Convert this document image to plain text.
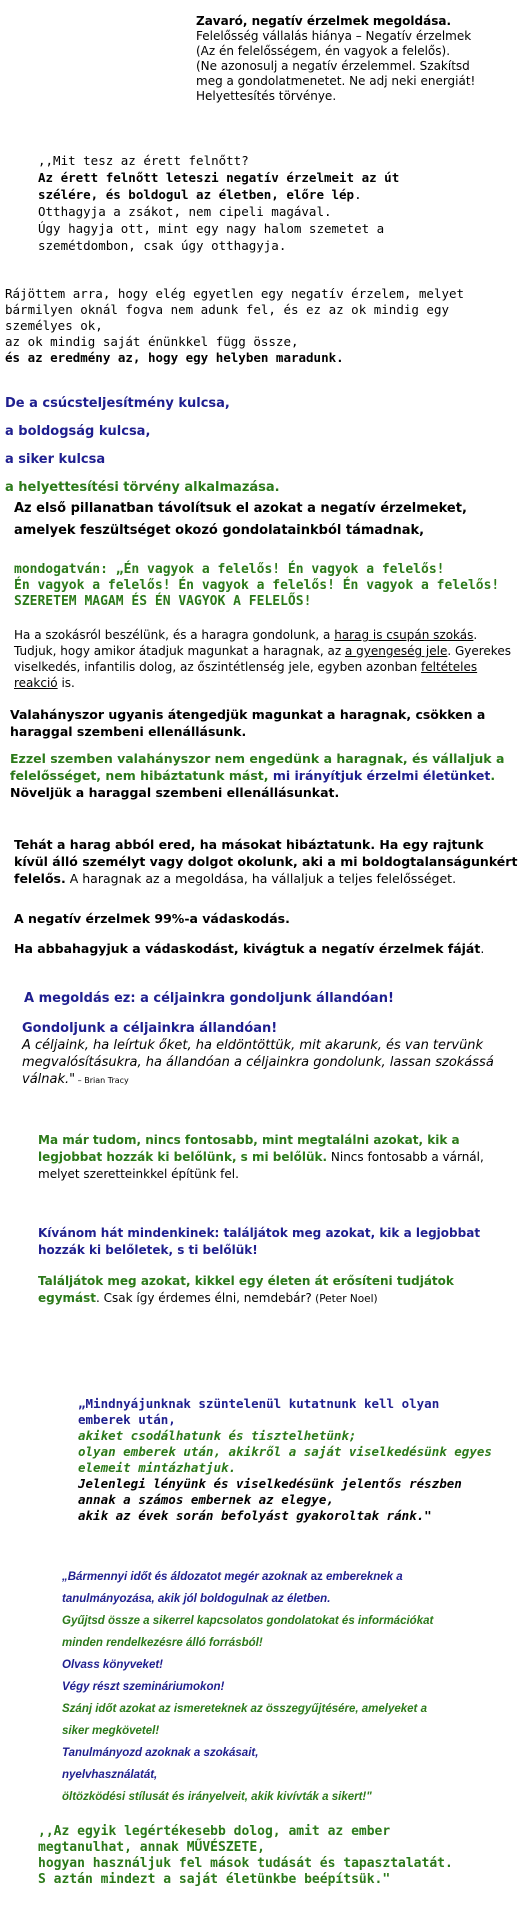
Zavaró, negatív érzelmek megoldása.

Felelősség vállalás hiánya – Negatív érzelmek

(Az én felelősségem, én vagyok a felelős).

(Ne azonosulj a negatív érzelemmel. Szakítsd

meg a gondolatmenetet. Ne adj neki energiát!

Helyettesítés törvénye.

,,Mit tesz az érett felnőtt?

Az érett felnőtt leteszi negatív érzelmeit az út

szélére, és boldogul az életben, előre lép.

Otthagyja a zsákot, nem cipeli magával.

Úgy hagyja ott, mint egy nagy halom szemetet a

szemétdombon, csak úgy otthagyja.

Rájöttem arra, hogy elég egyetlen egy negatív érzelem, melyet bármilyen oknál fogva nem adunk fel, és ez az ok mindig egy személyes ok,

az ok mindig saját énünkkel függ össze,

és az eredmény az, hogy egy helyben maradunk.

De a csúcsteljesítmény kulcsa,

a boldogság kulcsa,

a siker kulcsa

a helyettesítési törvény alkalmazása.

Az első pillanatban távolítsuk el azokat a negatív érzelmeket,

amelyek feszültséget okozó gondolatainkból támadnak,

mondogatván: „Én vagyok a felelős! Én vagyok a felelős!

Én vagyok a felelős! Én vagyok a felelős! Én vagyok a felelős!

SZERETEM MAGAM ÉS ÉN VAGYOK A FELELŐS!

Ha a szokásról beszélünk, és a haragra gondolunk, a harag is csupán szokás. Tudjuk, hogy amikor átadjuk magunkat a haragnak, az a gyengeség jele. Gyerekes viselkedés, infantilis dolog, az őszintétlenség jele, egyben azonban feltételes reakció is.

Valahányszor ugyanis átengedjük magunkat a haragnak, csökken a haraggal szembeni ellenállásunk.

Ezzel szemben valahányszor nem engedünk a haragnak, és vállaljuk a felelősséget, nem hibáztatunk mást, mi irányítjuk érzelmi életünket.

Növeljük a haraggal szembeni ellenállásunkat.

Tehát a harag abból ered, ha másokat hibáztatunk. Ha egy rajtunk kívül álló személyt vagy dolgot okolunk, aki a mi boldogtalanságunkért felelős. A haragnak az a megoldása, ha vállaljuk a teljes felelősséget.

A negatív érzelmek 99%-a vádaskodás.

Ha abbahagyjuk a vádaskodást, kivágtuk a negatív érzelmek fáját.

A megoldás ez: a céljainkra gondoljunk állandóan!

Gondoljunk a céljainkra állandóan!

A céljaink, ha leírtuk őket, ha eldöntöttük, mit akarunk, és van tervünk megvalósításukra, ha állandóan a céljainkra gondolunk, lassan szokássá válnak." – Brian Tracy

Ma már tudom, nincs fontosabb, mint megtalálni azokat, kik a legjobbat hozzák ki belőlünk, s mi belőlük. Nincs fontosabb a várnál, melyet szeretteinkkel építünk fel.

Kívánom hát mindenkinek: találjátok meg azokat, kik a legjobbat hozzák ki belőletek, s ti belőlük!

Találjátok meg azokat, kikkel egy életen át erősíteni tudjátok egymást. Csak így érdemes élni, nemdebár? (Peter Noel)

„Mindnyájunknak szüntelenül kutatnunk kell olyan

emberek után,

akiket csodálhatunk és tisztelhetünk;

olyan emberek után, akikről a saját viselkedésünk egyes

elemeit mintázhatjuk.

Jelenlegi lényünk és viselkedésünk jelentős részben

annak a számos embernek az elegye,

akik az évek során befolyást gyakoroltak ránk."

„Bármennyi időt és áldozatot megér azoknak az embereknek a

tanulmányozása, akik jól boldogulnak az életben.

Gyűjtsd össze a sikerrel kapcsolatos gondolatokat és információkat

minden rendelkezésre álló forrásból!

Olvass könyveket!

Végy részt szemináriumokon!

Szánj időt azokat az ismereteknek az összegyűjtésére, amelyeket a

siker megkövetel!

Tanulmányozd azoknak a szokásait,

nyelvhasználatát,

öltözködési stílusát és irányelveit, akik kivívták a sikert!"

,,Az egyik legértékesebb dolog, amit az ember

megtanulhat, annak MŰVÉSZETE,

hogyan használjuk fel mások tudását és tapasztalatát.

S aztán mindezt a saját életünkbe beépítsük."
